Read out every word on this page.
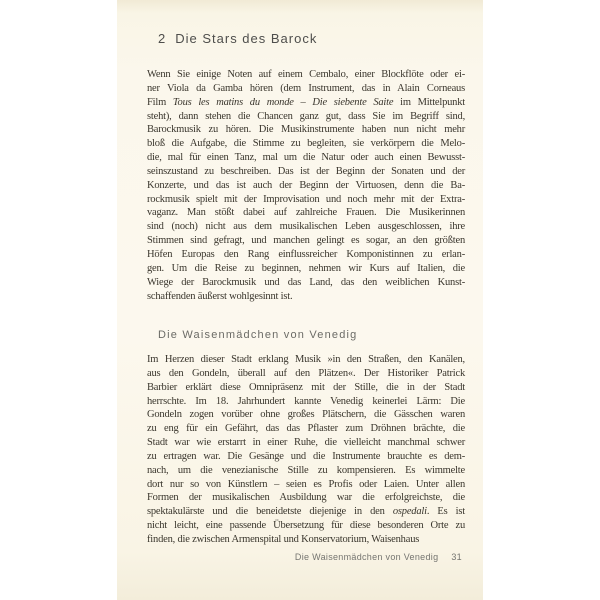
2 Die Stars des Barock
Wenn Sie einige Noten auf einem Cembalo, einer Blockflöte oder ei-
ner Viola da Gamba hören (dem Instrument, das in Alain Corneaus
Film Tous les matins du monde – Die siebente Saite im Mittelpunkt
steht), dann stehen die Chancen ganz gut, dass Sie im Begriff sind,
Barockmusik zu hören. Die Musikinstrumente haben nun nicht mehr
bloß die Aufgabe, die Stimme zu begleiten, sie verkörpern die Melo-
die, mal für einen Tanz, mal um die Natur oder auch einen Bewusst-
seinszustand zu beschreiben. Das ist der Beginn der Sonaten und der
Konzerte, und das ist auch der Beginn der Virtuosen, denn die Ba-
rockmusik spielt mit der Improvisation und noch mehr mit der Extra-
vaganz. Man stößt dabei auf zahlreiche Frauen. Die Musikerinnen
sind (noch) nicht aus dem musikalischen Leben ausgeschlossen, ihre
Stimmen sind gefragt, und manchen gelingt es sogar, an den größten
Höfen Europas den Rang einflussreicher Komponistinnen zu erlan-
gen. Um die Reise zu beginnen, nehmen wir Kurs auf Italien, die
Wiege der Barockmusik und das Land, das den weiblichen Kunst-
schaffenden äußerst wohlgesinnt ist.
Die Waisenmädchen von Venedig
Im Herzen dieser Stadt erklang Musik »in den Straßen, den Kanälen,
aus den Gondeln, überall auf den Plätzen«. Der Historiker Patrick
Barbier erklärt diese Omnipräsenz mit der Stille, die in der Stadt
herrschte. Im 18. Jahrhundert kannte Venedig keinerlei Lärm: Die
Gondeln zogen vorüber ohne großes Plätschern, die Gässchen waren
zu eng für ein Gefährt, das das Pflaster zum Dröhnen brächte, die
Stadt war wie erstarrt in einer Ruhe, die vielleicht manchmal schwer
zu ertragen war. Die Gesänge und die Instrumente brauchte es dem-
nach, um die venezianische Stille zu kompensieren. Es wimmelte
dort nur so von Künstlern – seien es Profis oder Laien. Unter allen
Formen der musikalischen Ausbildung war die erfolgreichste, die
spektakulärste und die beneidetste diejenige in den ospedali. Es ist
nicht leicht, eine passende Übersetzung für diese besonderen Orte zu
finden, die zwischen Armenspital und Konservatorium, Waisenhaus
Die Waisenmädchen von Venedig 31
